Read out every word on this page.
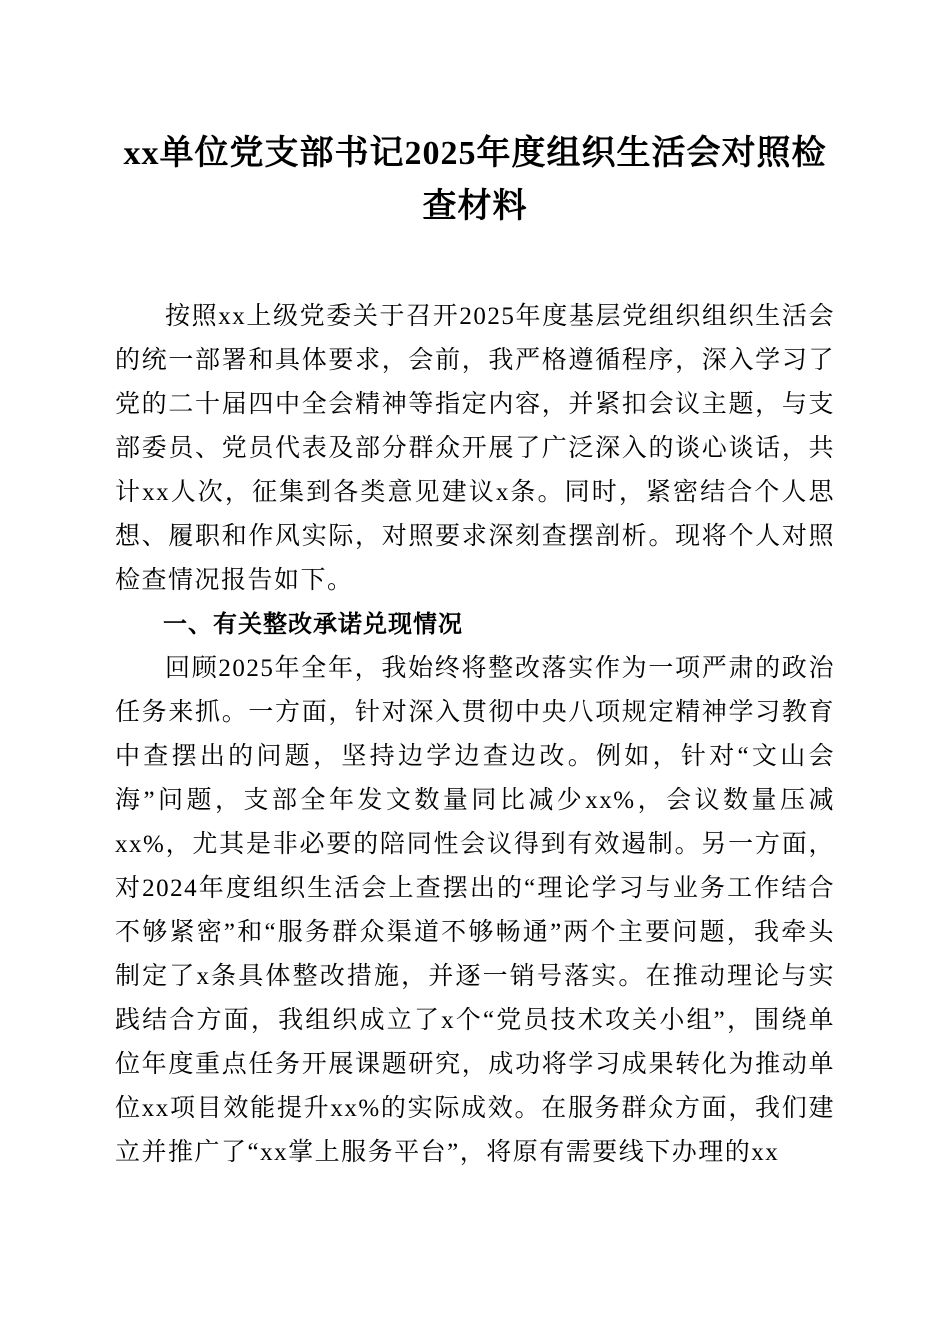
xx单位党支部书记2025年度组织生活会对照检查材料

按照xx上级党委关于召开2025年度基层党组织组织生活会的统一部署和具体要求，会前，我严格遵循程序，深入学习了党的二十届四中全会精神等指定内容，并紧扣会议主题，与支部委员、党员代表及部分群众开展了广泛深入的谈心谈话，共计xx人次，征集到各类意见建议x条。同时，紧密结合个人思想、履职和作风实际，对照要求深刻查摆剖析。现将个人对照检查情况报告如下。

一、有关整改承诺兑现情况

回顾2025年全年，我始终将整改落实作为一项严肃的政治任务来抓。一方面，针对深入贯彻中央八项规定精神学习教育中查摆出的问题，坚持边学边查边改。例如，针对“文山会海”问题，支部全年发文数量同比减少xx%，会议数量压减xx%，尤其是非必要的陪同性会议得到有效遏制。另一方面，对2024年度组织生活会上查摆出的“理论学习与业务工作结合不够紧密”和“服务群众渠道不够畅通”两个主要问题，我牵头制定了x条具体整改措施，并逐一销号落实。在推动理论与实践结合方面，我组织成立了x个“党员技术攻关小组”，围绕单位年度重点任务开展课题研究，成功将学习成果转化为推动单位xx项目效能提升xx%的实际成效。在服务群众方面，我们建立并推广了“xx掌上服务平台”，将原有需要线下办理的xx
